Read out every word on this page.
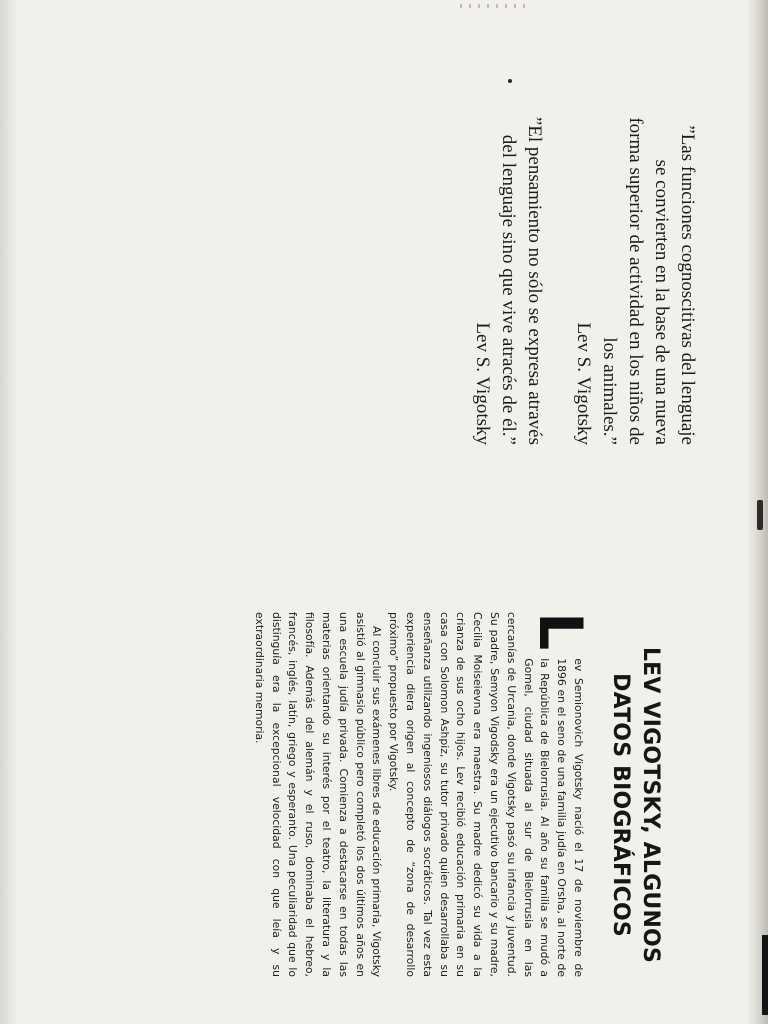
”Las funciones cognoscitivas del lenguaje
se convierten en la base de una nueva
forma superior de actividad en los niños de
los animales.”
Lev S. Vigotsky
”El pensamiento no sólo se expresa através
del lenguaje sino que vive atracés de él.”
Lev S. Vigotsky
LEV VIGOTSKY, ALGUNOS
DATOS BIOGRÁFICOS
L

ev Semionovich Vigotsky nació el 17 de noviembre de 1896 en el seno de una familia judía en Orsha, al norte de la República de Bielorrusia. Al año su familia se mudó a Gomel, ciudad situada al sur de Bielorrusia en las cercanías de Urcania, donde Vigotsky pasó su infancia y juventud. Su padre, Semyon Vigodsky era un ejecutivo bancario y su madre, Cecilia Moiseievna era maestra. Su madre dedicó su vida a la crianza de sus ocho hijos. Lev recibió educación primaria en su casa con Solomon Ashpiz, su tutor privado quien desarrollaba su enseñanza utilizando ingeniosos diálogos socráticos. Tal vez esta experiencia diera origen al concepto de “zona de desarrollo próximo” propuesto por Vigotsky.

Al concluir sus exámenes libres de educación primaria, Vigotsky asistió al gimnasio público pero completó los dos últimos años en una escuela judía privada. Comienza a destacarse en todas las materias orientando su interés por el teatro, la literatura y la filosofía. Además del alemán y el ruso, dominaba el hebreo, francés, inglés, latín, griego y esperanto. Una peculiaridad que lo distinguía era la excepcional velocidad con que leía y su extraordinaria memoria.
